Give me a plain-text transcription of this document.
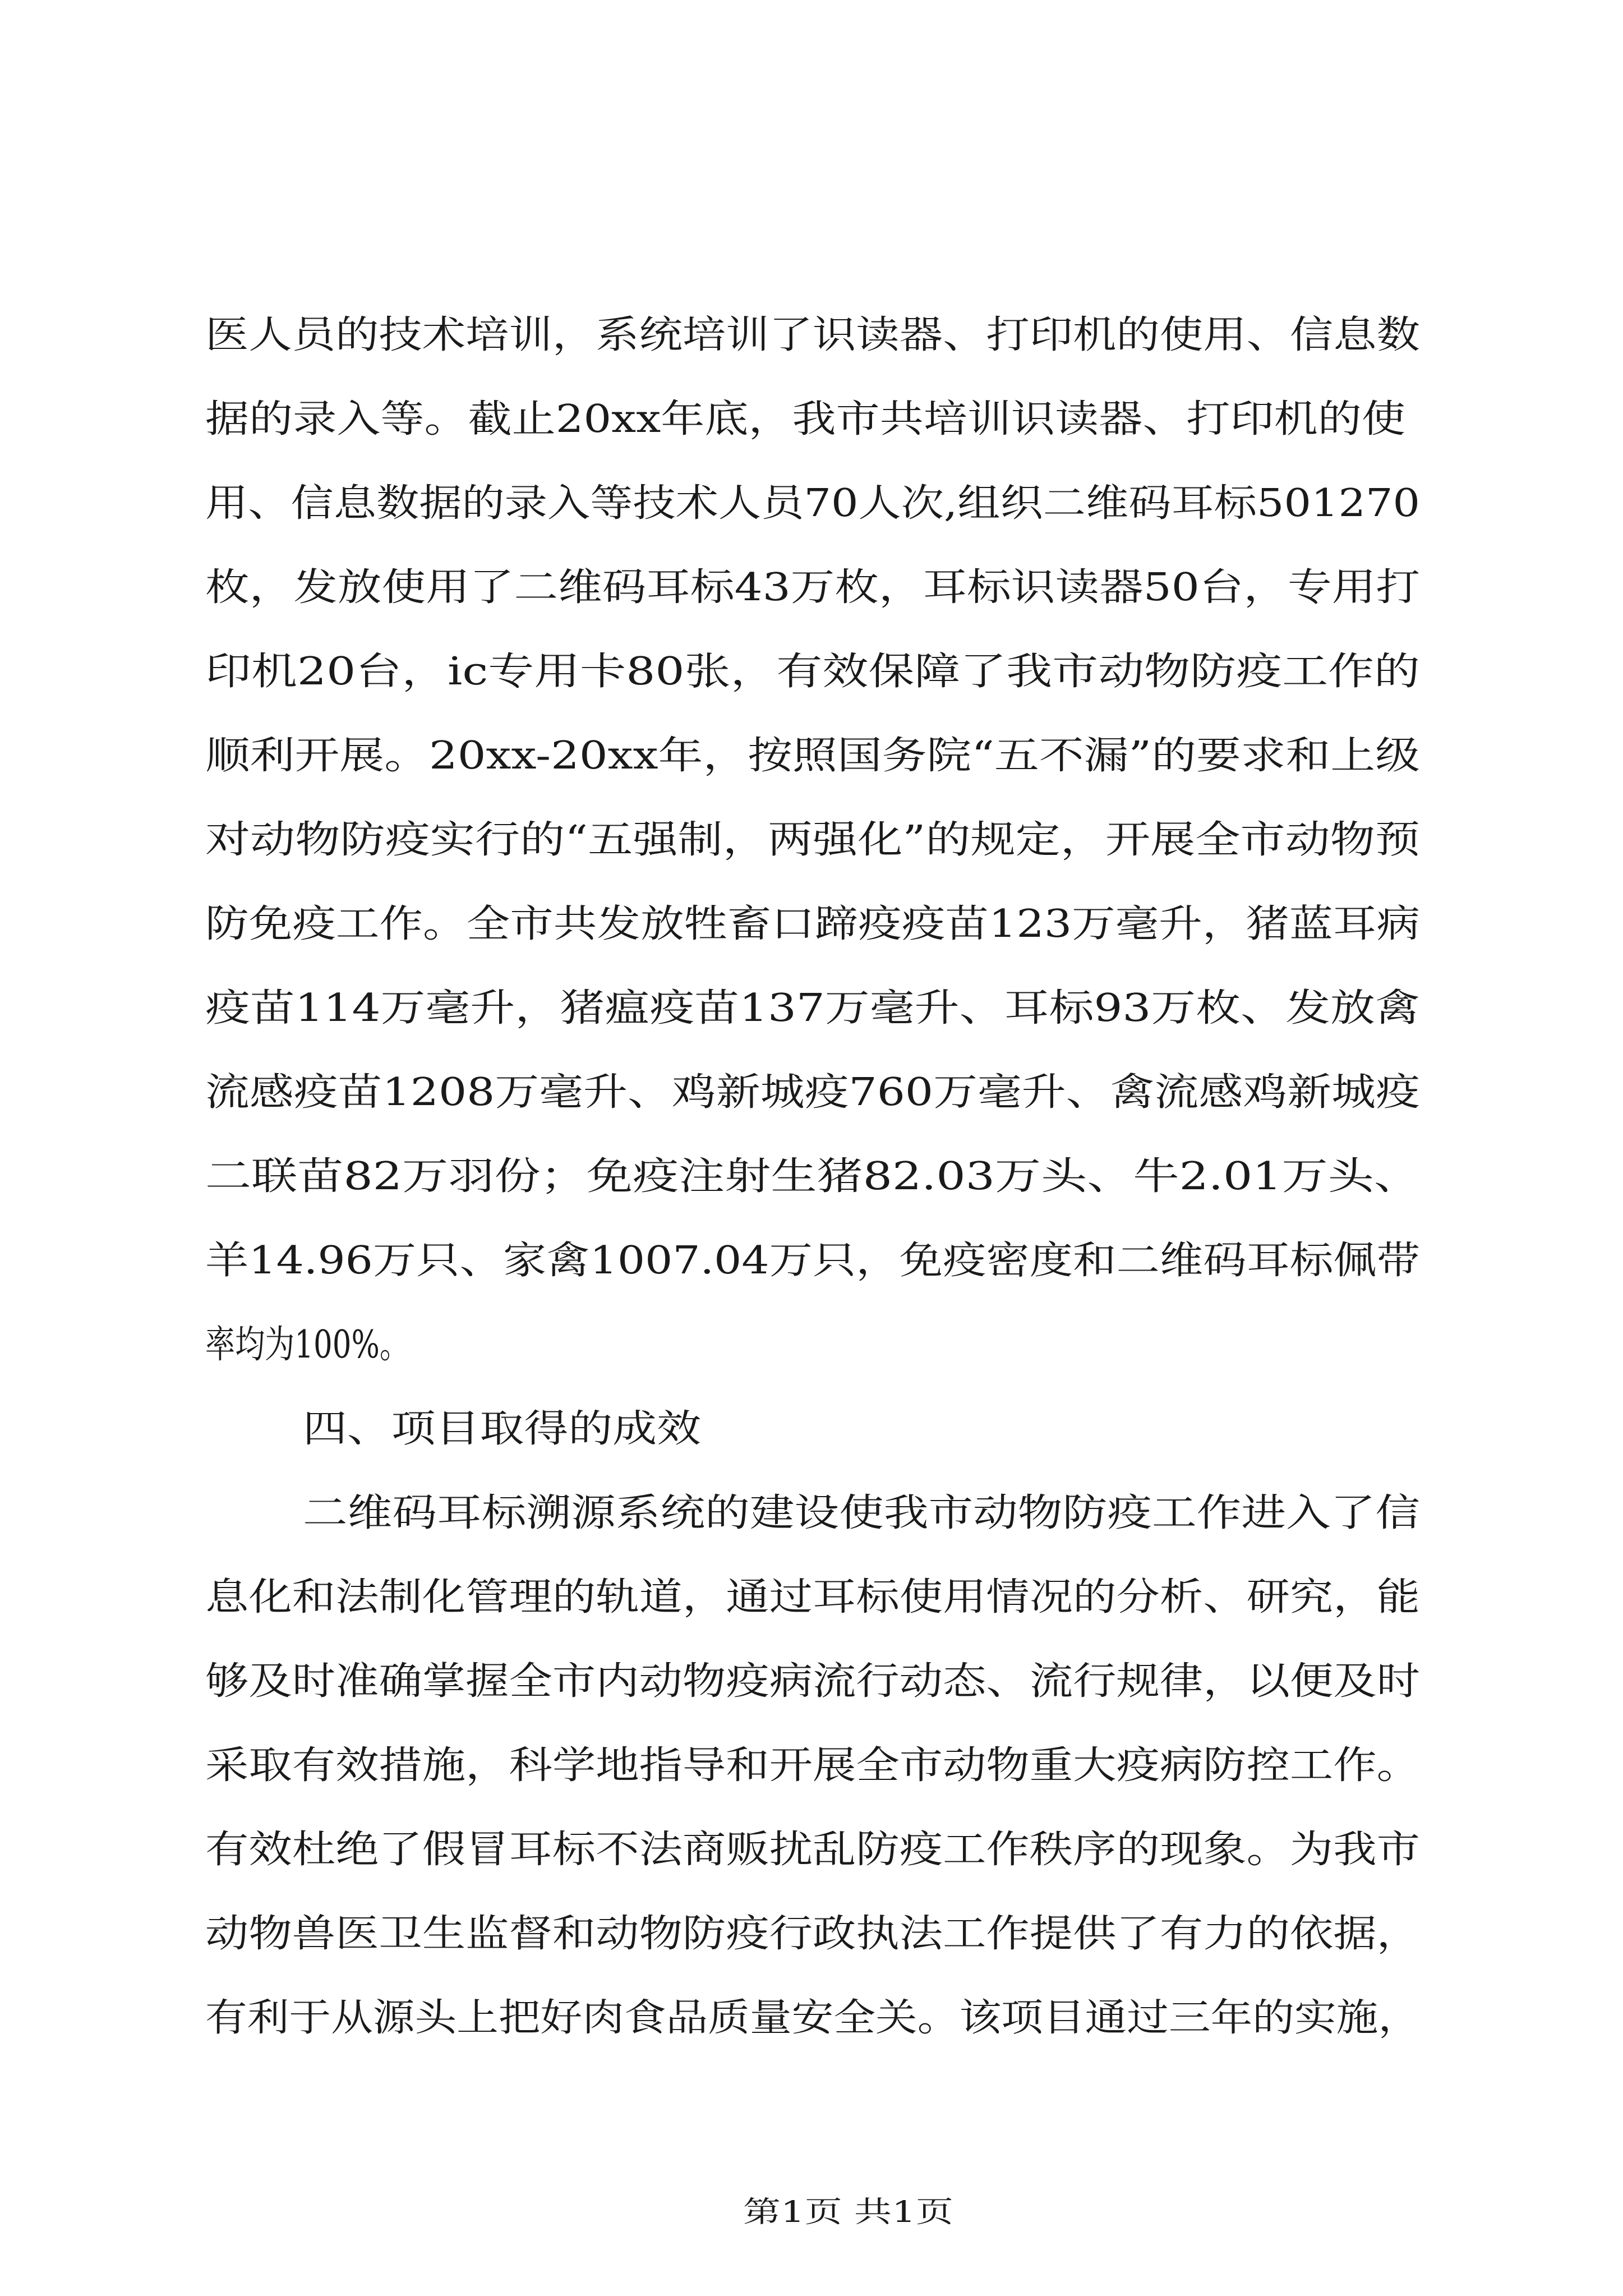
医人员的技术培训，系统培训了识读器、打印机的使用、信息数

据的录入等。截止20xx年底，我市共培训识读器、打印机的使

用、信息数据的录入等技术人员70人次,组织二维码耳标501270

枚，发放使用了二维码耳标43万枚，耳标识读器50台，专用打

印机20台，ic专用卡80张，有效保障了我市动物防疫工作的

顺利开展。20xx-20xx年，按照国务院“五不漏”的要求和上级

对动物防疫实行的“五强制，两强化”的规定，开展全市动物预

防免疫工作。全市共发放牲畜口蹄疫疫苗123万毫升，猪蓝耳病

疫苗114万毫升，猪瘟疫苗137万毫升、耳标93万枚、发放禽

流感疫苗1208万毫升、鸡新城疫760万毫升、禽流感鸡新城疫

二联苗82万羽份；免疫注射生猪82.03万头、牛2.01万头、

羊14.96万只、家禽1007.04万只，免疫密度和二维码耳标佩带

率均为100%。

四、项目取得的成效

二维码耳标溯源系统的建设使我市动物防疫工作进入了信

息化和法制化管理的轨道，通过耳标使用情况的分析、研究，能

够及时准确掌握全市内动物疫病流行动态、流行规律，以便及时

采取有效措施，科学地指导和开展全市动物重大疫病防控工作。

有效杜绝了假冒耳标不法商贩扰乱防疫工作秩序的现象。为我市

动物兽医卫生监督和动物防疫行政执法工作提供了有力的依据，

有利于从源头上把好肉食品质量安全关。该项目通过三年的实施，

第1页 共1页
